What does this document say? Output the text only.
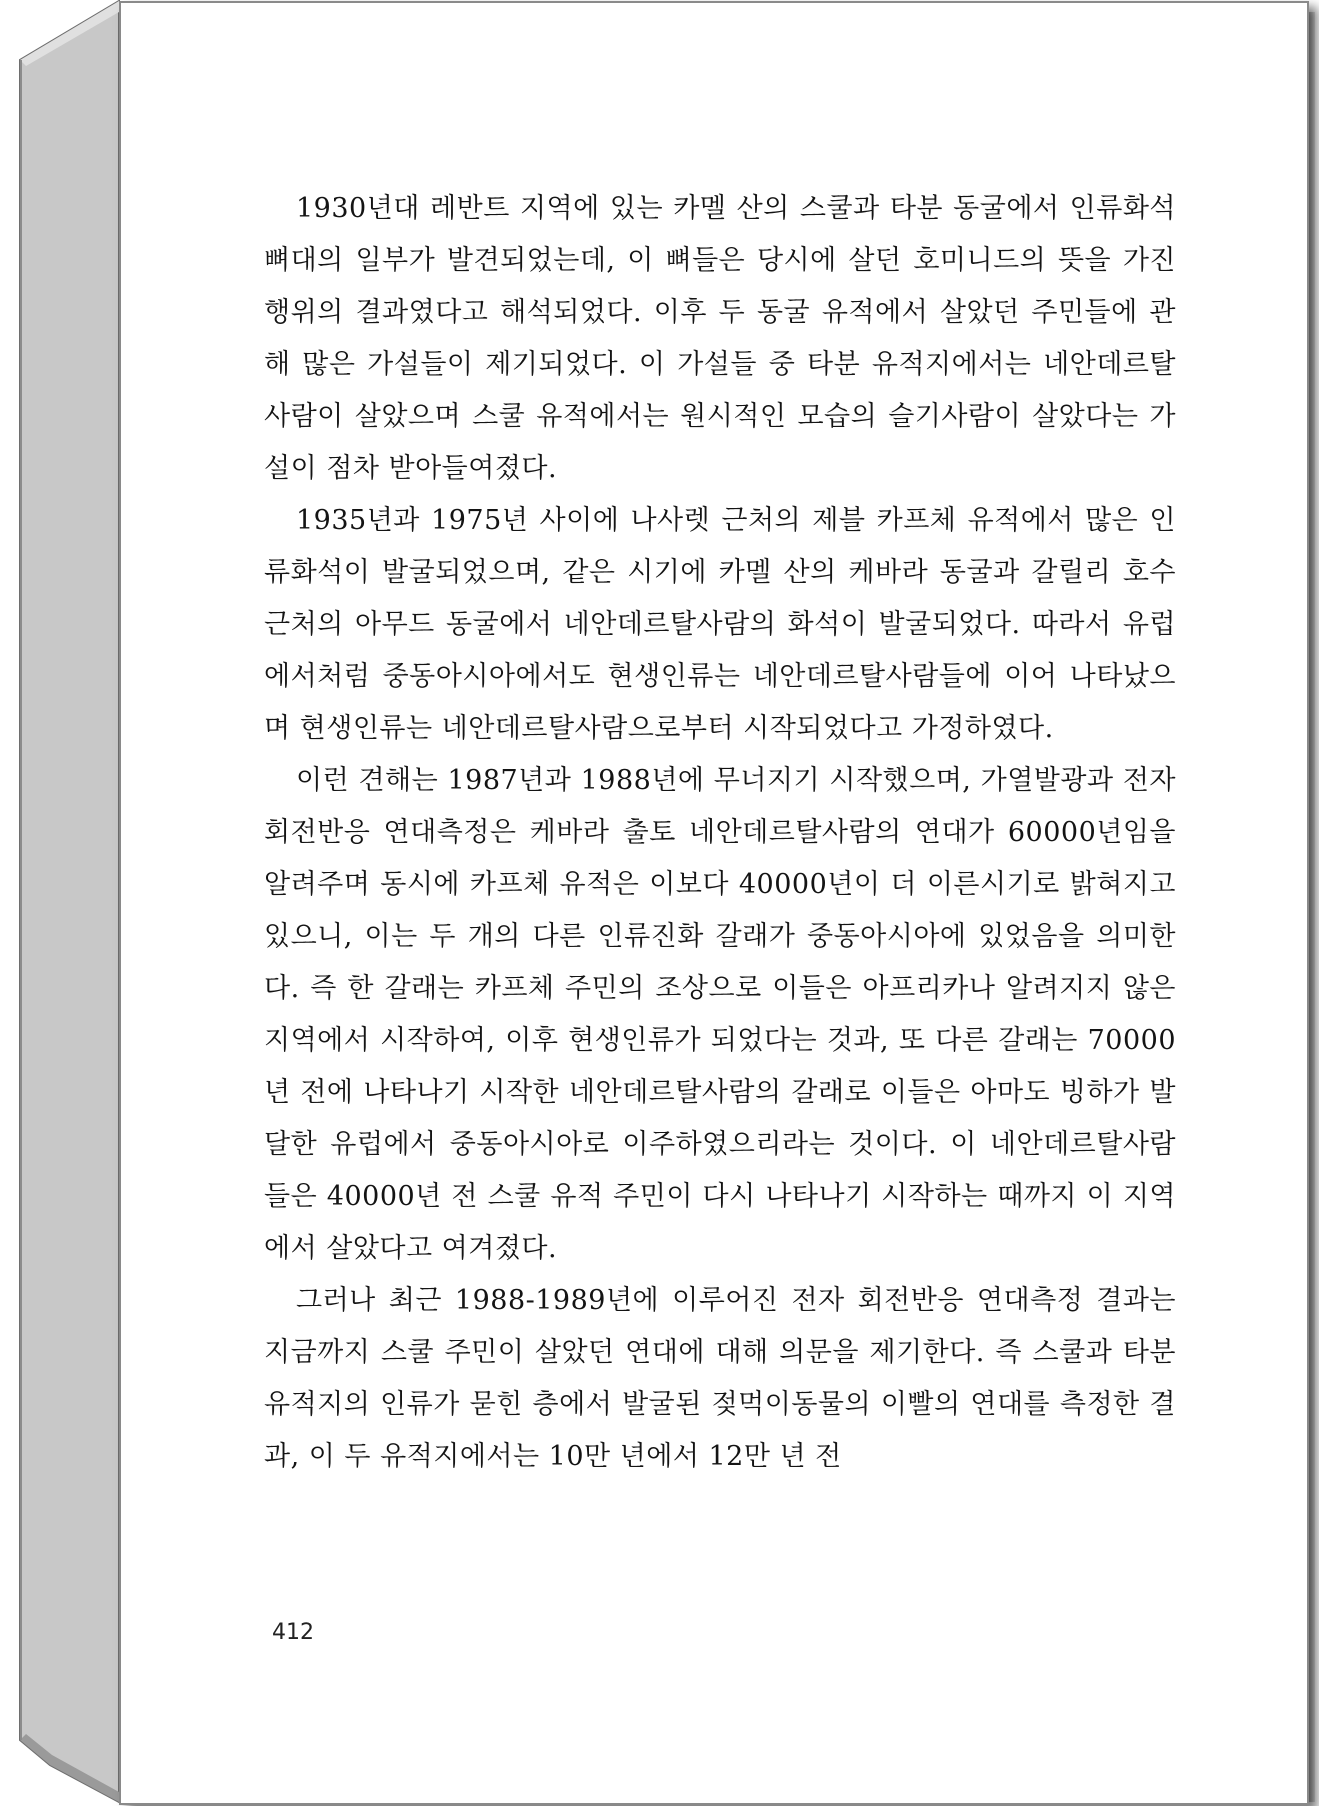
1930년대 레반트 지역에 있는 카멜 산의 스쿨과 타분 동굴에서 인류화석 뼈대의 일부가 발견되었는데, 이 뼈들은 당시에 살던 호미니드의 뜻을 가진 행위의 결과였다고 해석되었다. 이후 두 동굴 유적에서 살았던 주민들에 관해 많은 가설들이 제기되었다. 이 가설들 중 타분 유적지에서는 네안데르탈사람이 살았으며 스쿨 유적에서는 원시적인 모습의 슬기사람이 살았다는 가설이 점차 받아들여졌다.

1935년과 1975년 사이에 나사렛 근처의 제블 카프체 유적에서 많은 인류화석이 발굴되었으며, 같은 시기에 카멜 산의 케바라 동굴과 갈릴리 호수 근처의 아무드 동굴에서 네안데르탈사람의 화석이 발굴되었다. 따라서 유럽에서처럼 중동아시아에서도 현생인류는 네안데르탈사람들에 이어 나타났으며 현생인류는 네안데르탈사람으로부터 시작되었다고 가정하였다.

이런 견해는 1987년과 1988년에 무너지기 시작했으며, 가열발광과 전자 회전반응 연대측정은 케바라 출토 네안데르탈사람의 연대가 60000년임을 알려주며 동시에 카프체 유적은 이보다 40000년이 더 이른시기로 밝혀지고 있으니, 이는 두 개의 다른 인류진화 갈래가 중동아시아에 있었음을 의미한다. 즉 한 갈래는 카프체 주민의 조상으로 이들은 아프리카나 알려지지 않은 지역에서 시작하여, 이후 현생인류가 되었다는 것과, 또 다른 갈래는 70000년 전에 나타나기 시작한 네안데르탈사람의 갈래로 이들은 아마도 빙하가 발달한 유럽에서 중동아시아로 이주하였으리라는 것이다. 이 네안데르탈사람들은 40000년 전 스쿨 유적 주민이 다시 나타나기 시작하는 때까지 이 지역에서 살았다고 여겨졌다.

그러나 최근 1988-1989년에 이루어진 전자 회전반응 연대측정 결과는 지금까지 스쿨 주민이 살았던 연대에 대해 의문을 제기한다. 즉 스쿨과 타분 유적지의 인류가 묻힌 층에서 발굴된 젖먹이동물의 이빨의 연대를 측정한 결과, 이 두 유적지에서는 10만 년에서 12만 년 전

412
